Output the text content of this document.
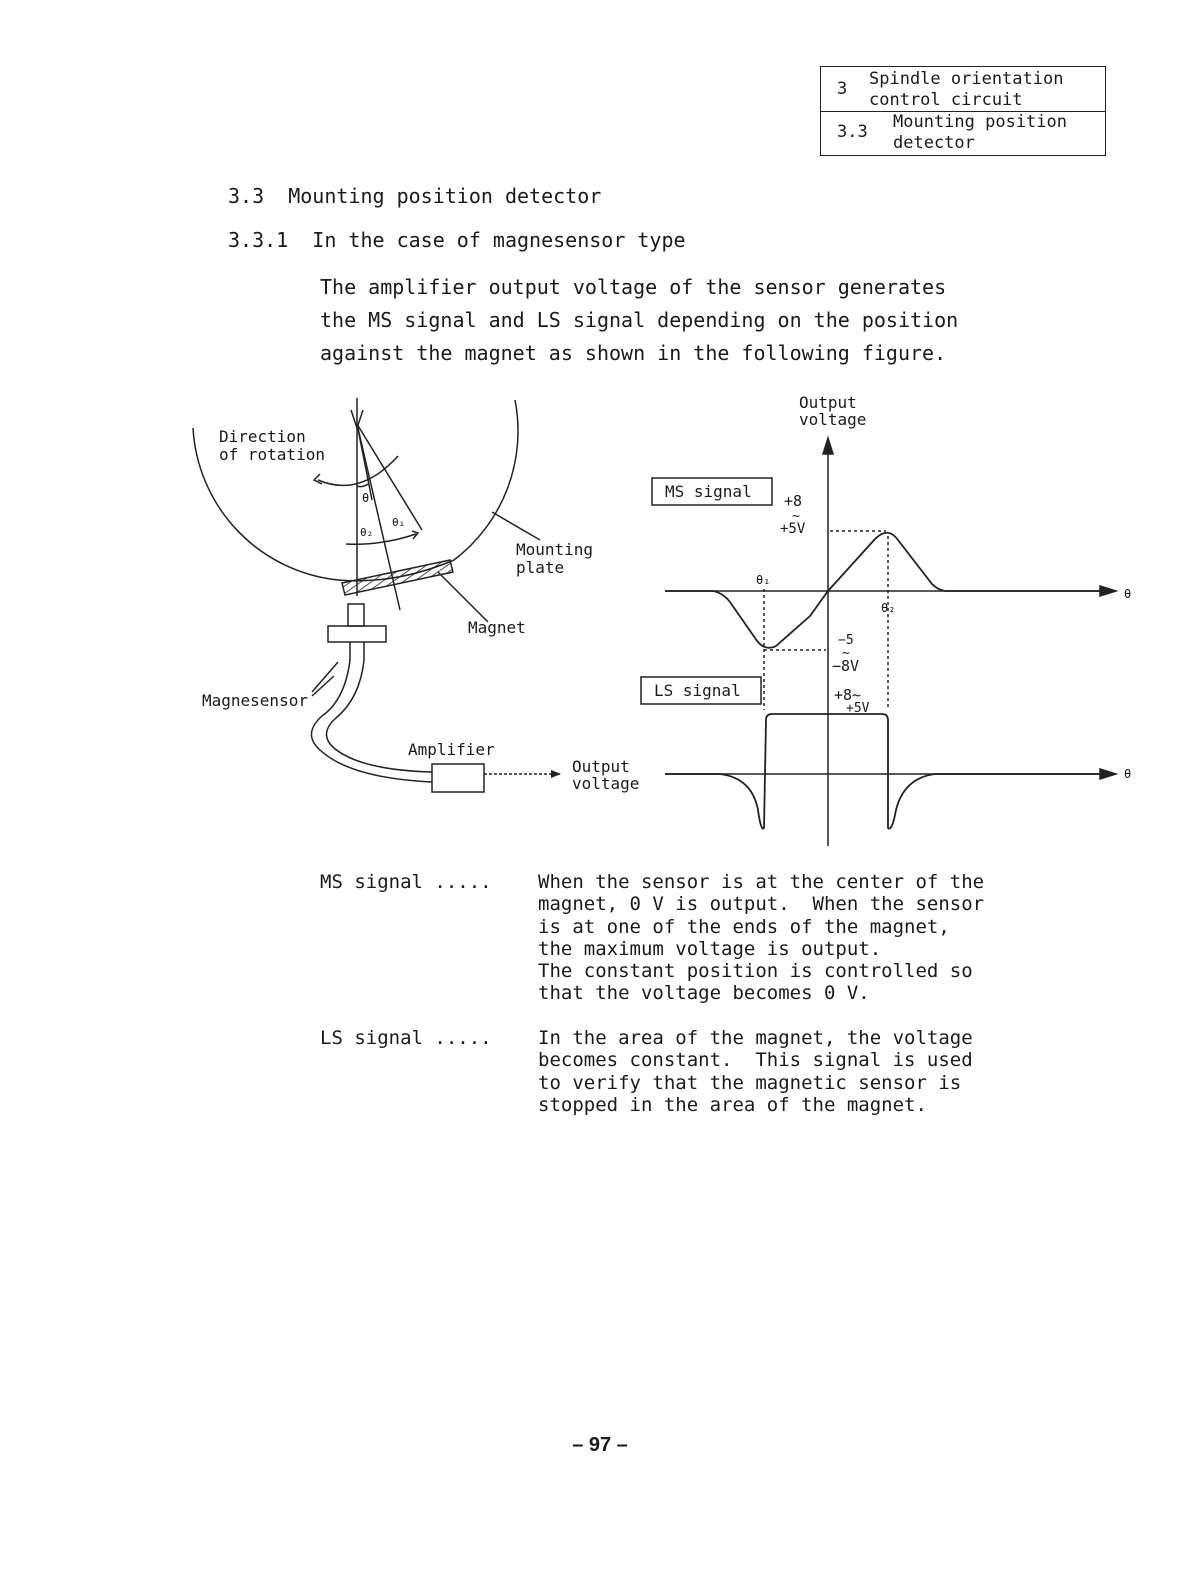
3 Spindle orientation
control circuit
3.3 Mounting position
detector
3.3  Mounting position detector
3.3.1  In the case of magnesensor type
The amplifier output voltage of the sensor generates
the MS signal and LS signal depending on the position
against the magnet as shown in the following figure.
Direction
of rotation
θ
θ₂
θ₁
Mounting
plate
Magnet
Magnesensor
Amplifier
Output
voltage
Output
voltage
MS signal
LS signal
+8
~
+5V
−5
~
−8V
+8~
+5V
θ₁
θ₂
θ
θ
MS signal ..... When the sensor is at the center of the
magnet, 0 V is output.  When the sensor
is at one of the ends of the magnet,
the maximum voltage is output.
The constant position is controlled so
that the voltage becomes 0 V.
LS signal ..... In the area of the magnet, the voltage
becomes constant.  This signal is used
to verify that the magnetic sensor is
stopped in the area of the magnet.
– 97 –
